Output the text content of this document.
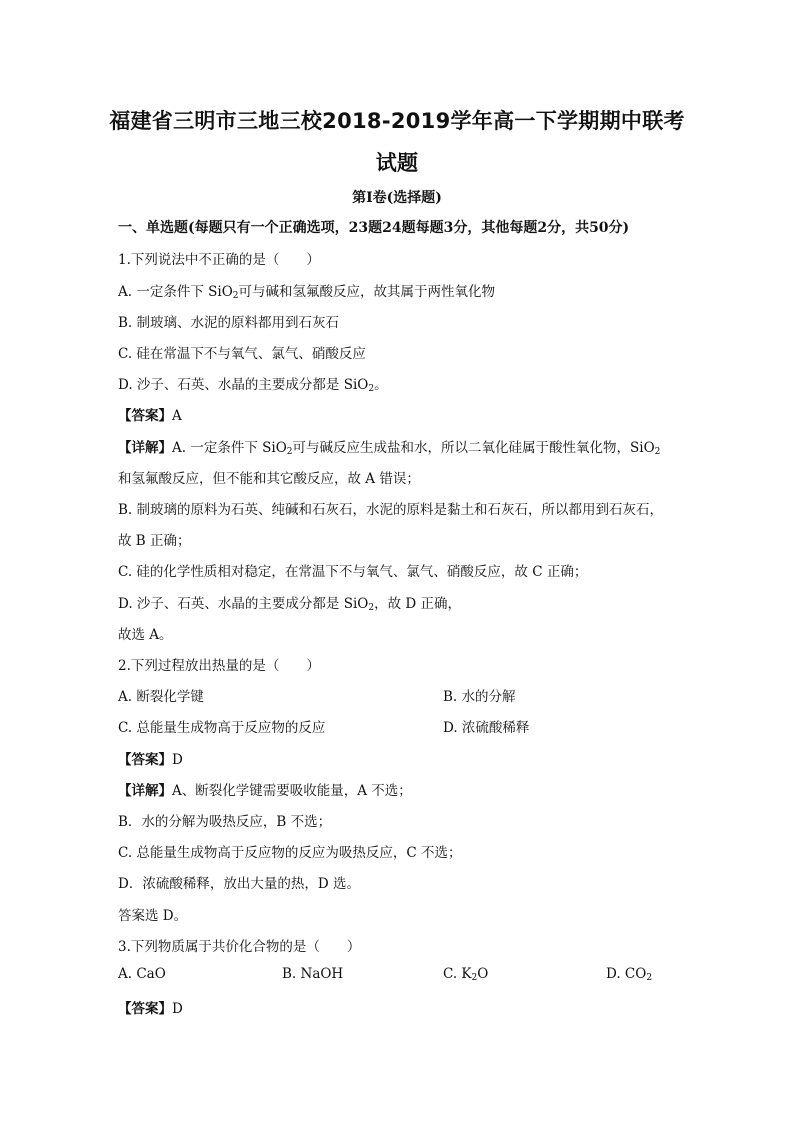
福建省三明市三地三校2018-2019学年高一下学期期中联考
试题
第I卷(选择题)
一、单选题(每题只有一个正确选项，23题24题每题3分，其他每题2分，共50分)
1.下列说法中不正确的是（　　）
A. 一定条件下 SiO$_2$可与碱和氢氟酸反应，故其属于两性氧化物
B. 制玻璃、水泥的原料都用到石灰石
C. 硅在常温下不与氧气、氯气、硝酸反应
D. 沙子、石英、水晶的主要成分都是 SiO$_2$。
【答案】A
【详解】A. 一定条件下 SiO$_2$可与碱反应生成盐和水，所以二氧化硅属于酸性氧化物，SiO$_2$
和氢氟酸反应，但不能和其它酸反应，故 A 错误；
B. 制玻璃的原料为石英、纯碱和石灰石，水泥的原料是黏土和石灰石，所以都用到石灰石，
故 B 正确；
C. 硅的化学性质相对稳定，在常温下不与氧气、氯气、硝酸反应，故 C 正确；
D. 沙子、石英、水晶的主要成分都是 SiO$_2$，故 D 正确，
故选 A。
2.下列过程放出热量的是（　　）
A. 断裂化学键	B. 水的分解
C. 总能量生成物高于反应物的反应	D. 浓硫酸稀释
【答案】D
【详解】A、断裂化学键需要吸收能量，A 不选；
B．水的分解为吸热反应，B 不选；
C. 总能量生成物高于反应物的反应为吸热反应，C 不选；
D．浓硫酸稀释，放出大量的热，D 选。
答案选 D。
3.下列物质属于共价化合物的是（　　）
A. CaO	B. NaOH	C. $K_2O$	D. $CO_2$
【答案】D
